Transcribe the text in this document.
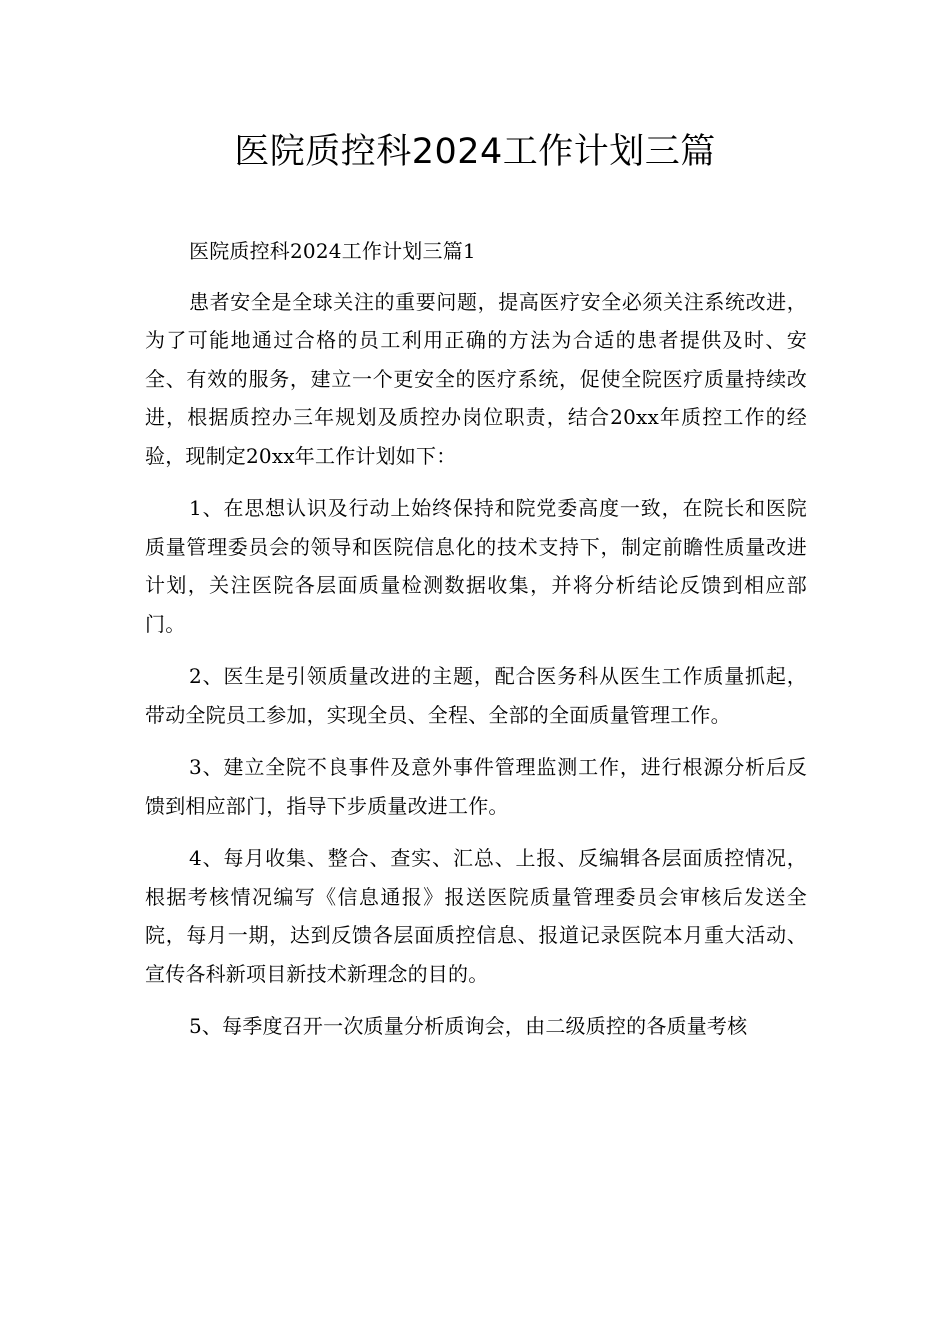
医院质控科2024工作计划三篇

医院质控科2024工作计划三篇1

患者安全是全球关注的重要问题，提高医疗安全必须关注系统改进，为了可能地通过合格的员工利用正确的方法为合适的患者提供及时、安全、有效的服务，建立一个更安全的医疗系统，促使全院医疗质量持续改进，根据质控办三年规划及质控办岗位职责，结合20xx年质控工作的经验，现制定20xx年工作计划如下：

1、在思想认识及行动上始终保持和院党委高度一致，在院长和医院质量管理委员会的领导和医院信息化的技术支持下，制定前瞻性质量改进计划，关注医院各层面质量检测数据收集，并将分析结论反馈到相应部门。

2、医生是引领质量改进的主题，配合医务科从医生工作质量抓起，带动全院员工参加，实现全员、全程、全部的全面质量管理工作。

3、建立全院不良事件及意外事件管理监测工作，进行根源分析后反馈到相应部门，指导下步质量改进工作。

4、每月收集、整合、查实、汇总、上报、反编辑各层面质控情况，根据考核情况编写《信息通报》报送医院质量管理委员会审核后发送全院，每月一期，达到反馈各层面质控信息、报道记录医院本月重大活动、宣传各科新项目新技术新理念的目的。

5、每季度召开一次质量分析质询会，由二级质控的各质量考核
